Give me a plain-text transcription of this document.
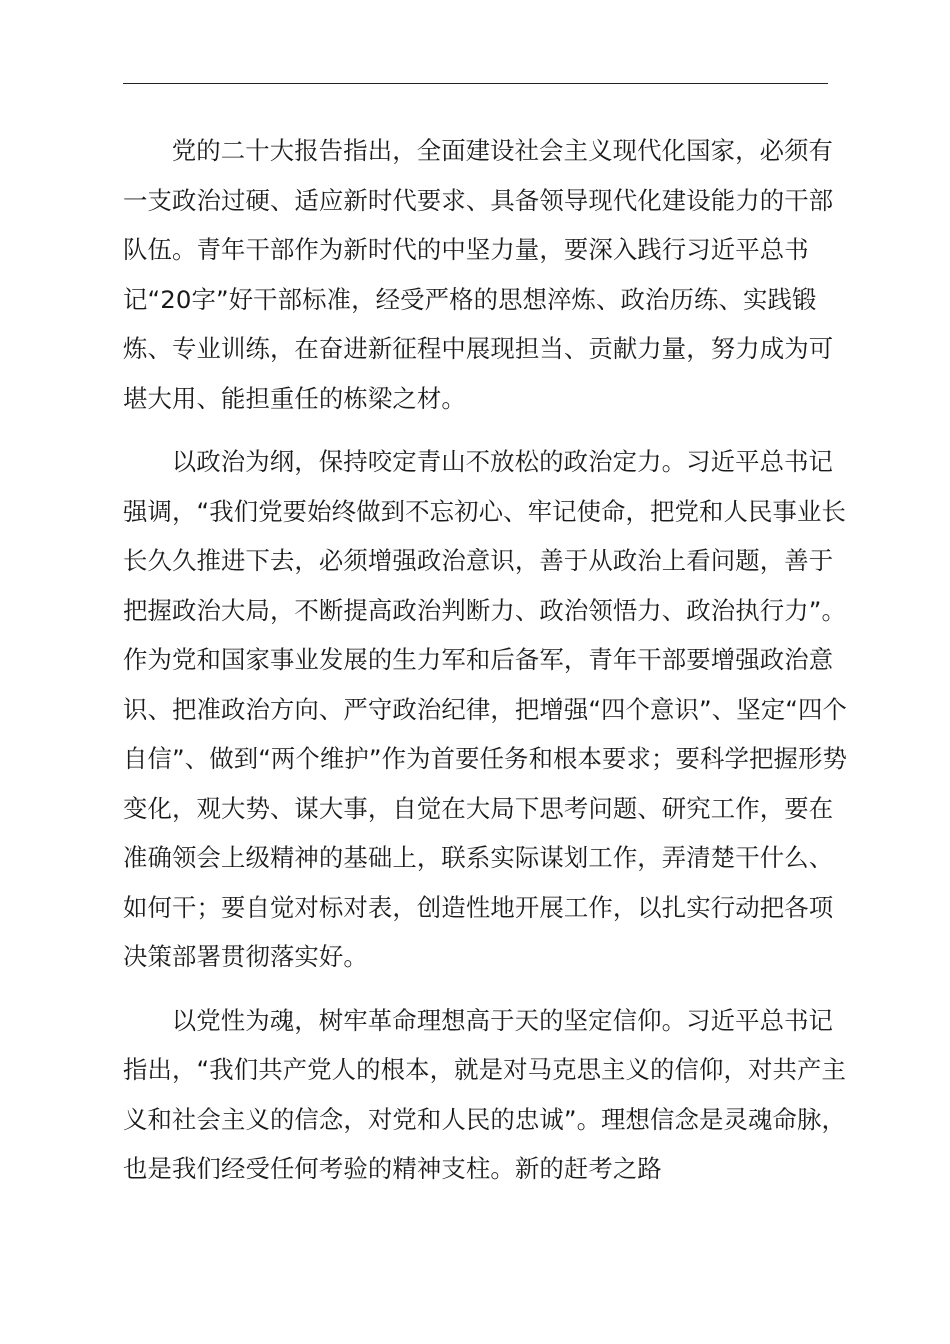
党的二十大报告指出，全面建设社会主义现代化国家，必须有一支政治过硬、适应新时代要求、具备领导现代化建设能力的干部队伍。青年干部作为新时代的中坚力量，要深入践行习近平总书记“20字”好干部标准，经受严格的思想淬炼、政治历练、实践锻炼、专业训练，在奋进新征程中展现担当、贡献力量，努力成为可堪大用、能担重任的栋梁之材。

以政治为纲，保持咬定青山不放松的政治定力。习近平总书记强调，“我们党要始终做到不忘初心、牢记使命，把党和人民事业长长久久推进下去，必须增强政治意识，善于从政治上看问题，善于把握政治大局，不断提高政治判断力、政治领悟力、政治执行力”。作为党和国家事业发展的生力军和后备军，青年干部要增强政治意识、把准政治方向、严守政治纪律，把增强“四个意识”、坚定“四个自信”、做到“两个维护”作为首要任务和根本要求；要科学把握形势变化，观大势、谋大事，自觉在大局下思考问题、研究工作，要在准确领会上级精神的基础上，联系实际谋划工作，弄清楚干什么、如何干；要自觉对标对表，创造性地开展工作，以扎实行动把各项决策部署贯彻落实好。

以党性为魂，树牢革命理想高于天的坚定信仰。习近平总书记指出，“我们共产党人的根本，就是对马克思主义的信仰，对共产主义和社会主义的信念，对党和人民的忠诚”。理想信念是灵魂命脉，也是我们经受任何考验的精神支柱。新的赶考之路
